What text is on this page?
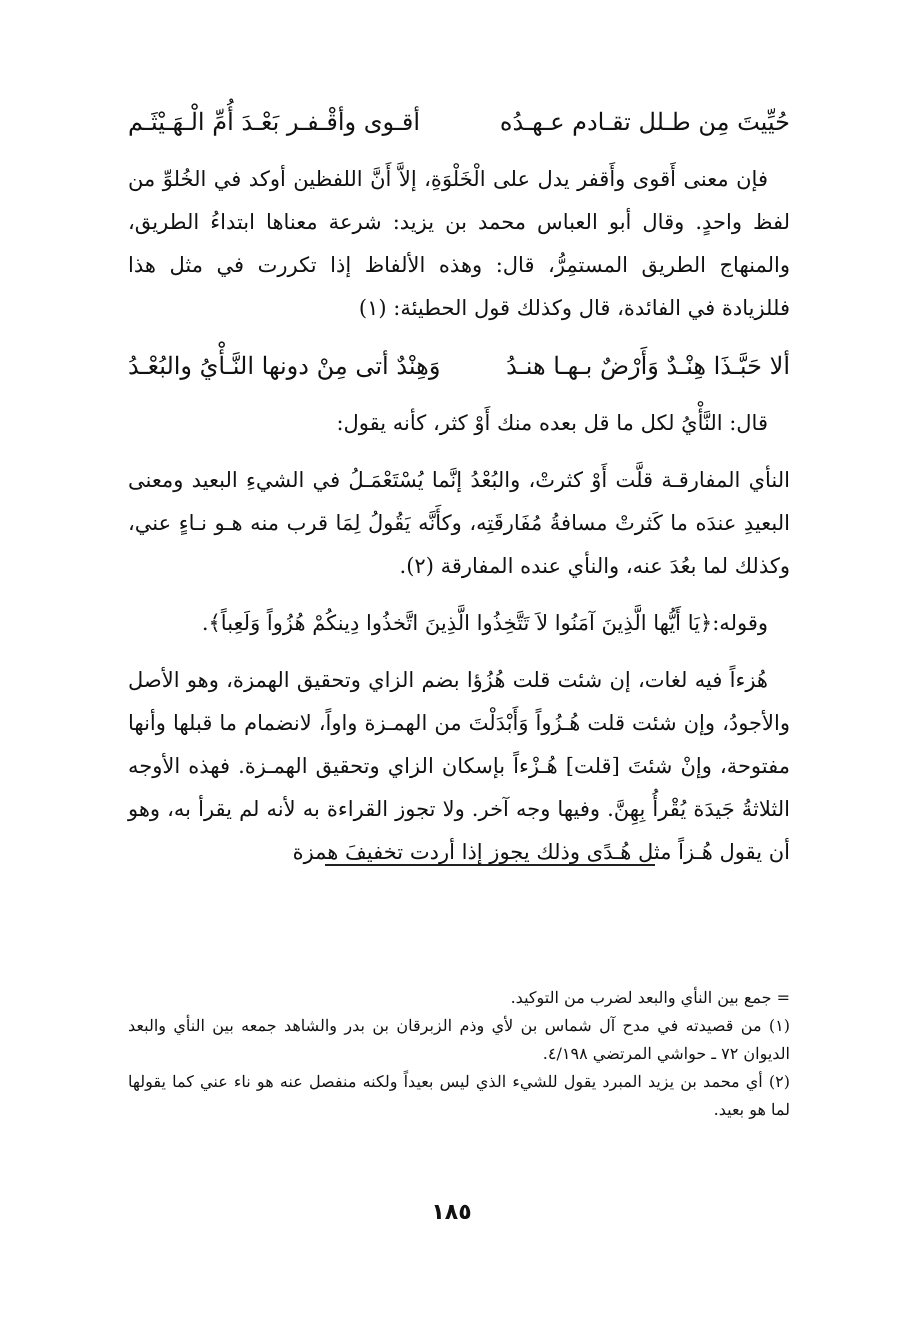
حُيِّيتَ مِن طـلل تقـادم عـهـدُه
أقـوى وأقْـفـر بَعْـدَ أُمِّ الْـهَـيْثَـم

فإن معنى أَقوى وأَقفر يدل على الْخَلْوَةِ، إلاَّ أَنَّ اللفظين أوكد في الخُلوِّ من لفظ واحدٍ. وقال أبو العباس محمد بن يزيد: شرعة معناها ابتداءُ الطريق، والمنهاج الطريق المستمِرُّ، قال: وهذه الألفاظ إذا تكررت في مثل هذا فللزيادة في الفائدة، قال وكذلك قول الحطيئة: (١)

ألا حَبَّـذَا هِنْـدٌ وَأَرْضٌ بـهـا هنـدُ
وَهِنْدٌ أتى مِنْ دونها النَّـأْيُ والبُعْـدُ

قال: النَّأْيُ لكل ما قل بعده منك أَوْ كثر، كأنه يقول:

النأي المفارقـة قلَّت أَوْ كثرتْ، والبُعْدُ إنَّما يُسْتَعْمَـلُ في الشيءِ البعيد ومعنى البعيدِ عندَه ما كَثرتْ مسافةُ مُفَارقَتِه، وكأَنَّه يَقُولُ لِمَا قرب منه هـو نـاءٍ عني، وكذلك لما بعُدَ عنه، والنأي عنده المفارقة (٢).

وقوله:﴿يَا أَيُّها الَّذِينَ آمَنُوا لاَ تَتَّخِذُوا الَّذِينَ اتَّخذُوا دِينكُمْ هُزُواً وَلَعِباً﴾.

هُزءاً فيه لغات، إن شئت قلت هُزُؤا بضم الزاي وتحقيق الهمزة، وهو الأصل والأجودُ، وإن شئت قلت هُـزُواً وَأَبْدَلْتَ من الهمـزة واواً، لانضمام ما قبلها وأنها مفتوحة، وإنْ شئتَ [قلت] هُـزْءاً بإسكان الزاي وتحقيق الهمـزة. فهذه الأوجه الثلاثةُ جَيدَة يُقْرأُ بِهِنَّ. وفيها وجه آخر. ولا تجوز القراءة به لأنه لم يقرأ به، وهو أن يقول هُـزاً مثل هُـدًى وذلك يجوز إذا أردت تخفيفَ همزة

= جمع بين النأي والبعد لضرب من التوكيد.

(١) من قصيدته في مدح آل شماس بن لأي وذم الزبرقان بن بدر والشاهد جمعه بين النأي والبعد الديوان ٧٢ ـ حواشي المرتضي ٤/١٩٨.

(٢) أي محمد بن يزيد المبرد يقول للشيء الذي ليس بعيداً ولكنه منفصل عنه هو ناء عني كما يقولها لما هو بعيد.

١٨٥
